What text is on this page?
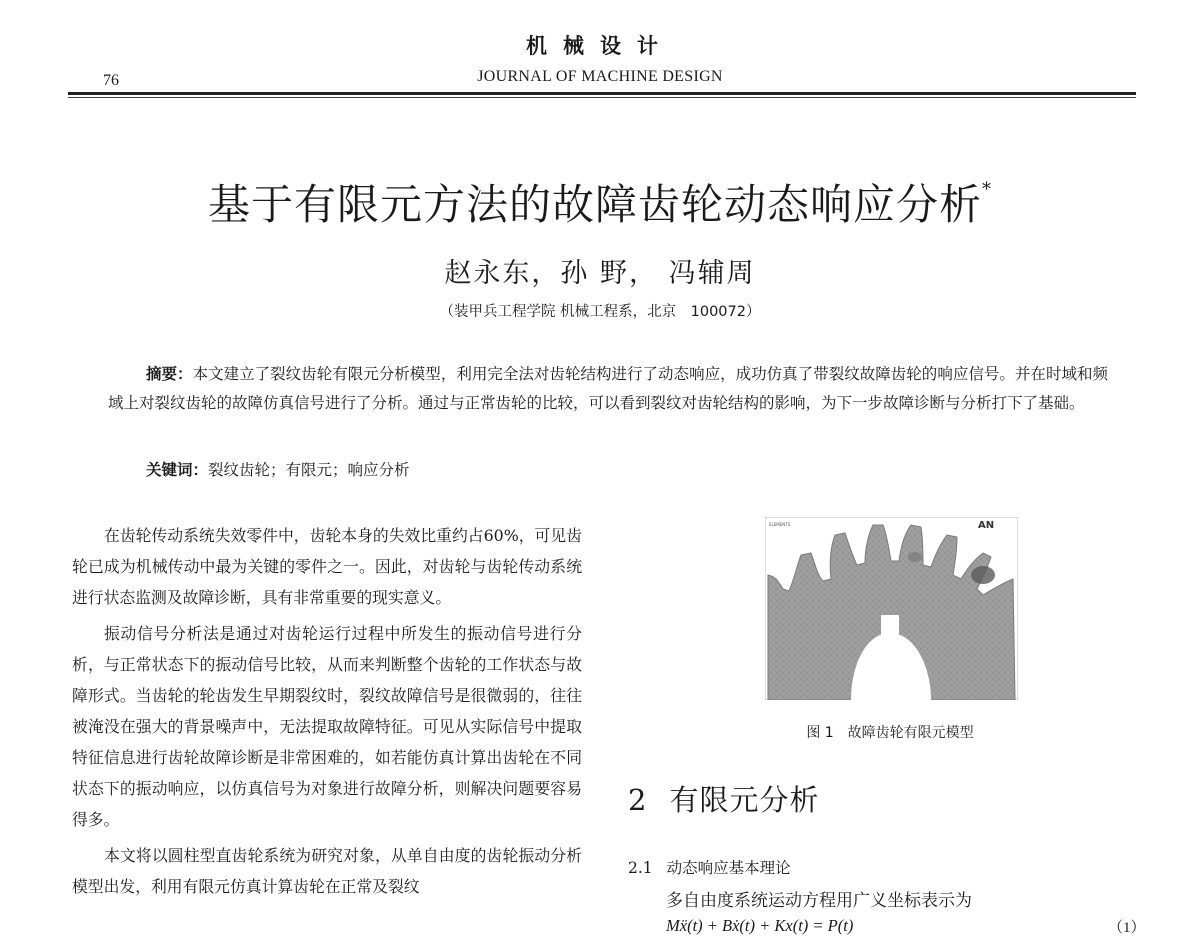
机械设计
76	JOURNAL OF MACHINE DESIGN
基于有限元方法的故障齿轮动态响应分析*
赵永东，孙 野， 冯辅周
（装甲兵工程学院 机械工程系，北京　100072）
摘要：本文建立了裂纹齿轮有限元分析模型，利用完全法对齿轮结构进行了动态响应，成功仿真了带裂纹故障齿轮的响应信号。并在时域和频域上对裂纹齿轮的故障仿真信号进行了分析。通过与正常齿轮的比较，可以看到裂纹对齿轮结构的影响，为下一步故障诊断与分析打下了基础。
关键词：裂纹齿轮；有限元；响应分析

在齿轮传动系统失效零件中，齿轮本身的失效比重约占60%，可见齿轮已成为机械传动中最为关键的零件之一。因此，对齿轮与齿轮传动系统进行状态监测及故障诊断，具有非常重要的现实意义。

振动信号分析法是通过对齿轮运行过程中所发生的振动信号进行分析，与正常状态下的振动信号比较，从而来判断整个齿轮的工作状态与故障形式。当齿轮的轮齿发生早期裂纹时，裂纹故障信号是很微弱的，往往被淹没在强大的背景噪声中，无法提取故障特征。可见从实际信号中提取特征信息进行齿轮故障诊断是非常困难的，如若能仿真计算出齿轮在不同状态下的振动响应，以仿真信号为对象进行故障分析，则解决问题要容易得多。

本文将以圆柱型直齿轮系统为研究对象，从单自由度的齿轮振动分析模型出发，利用有限元仿真计算齿轮在正常及裂纹

ELEMENTS	AN
图 1　故障齿轮有限元模型
2 有限元分析
2.1 动态响应基本理论
多自由度系统运动方程用广义坐标表示为
Mẍ(t) + Bẋ(t) + Kx(t) = P(t)	（1）
